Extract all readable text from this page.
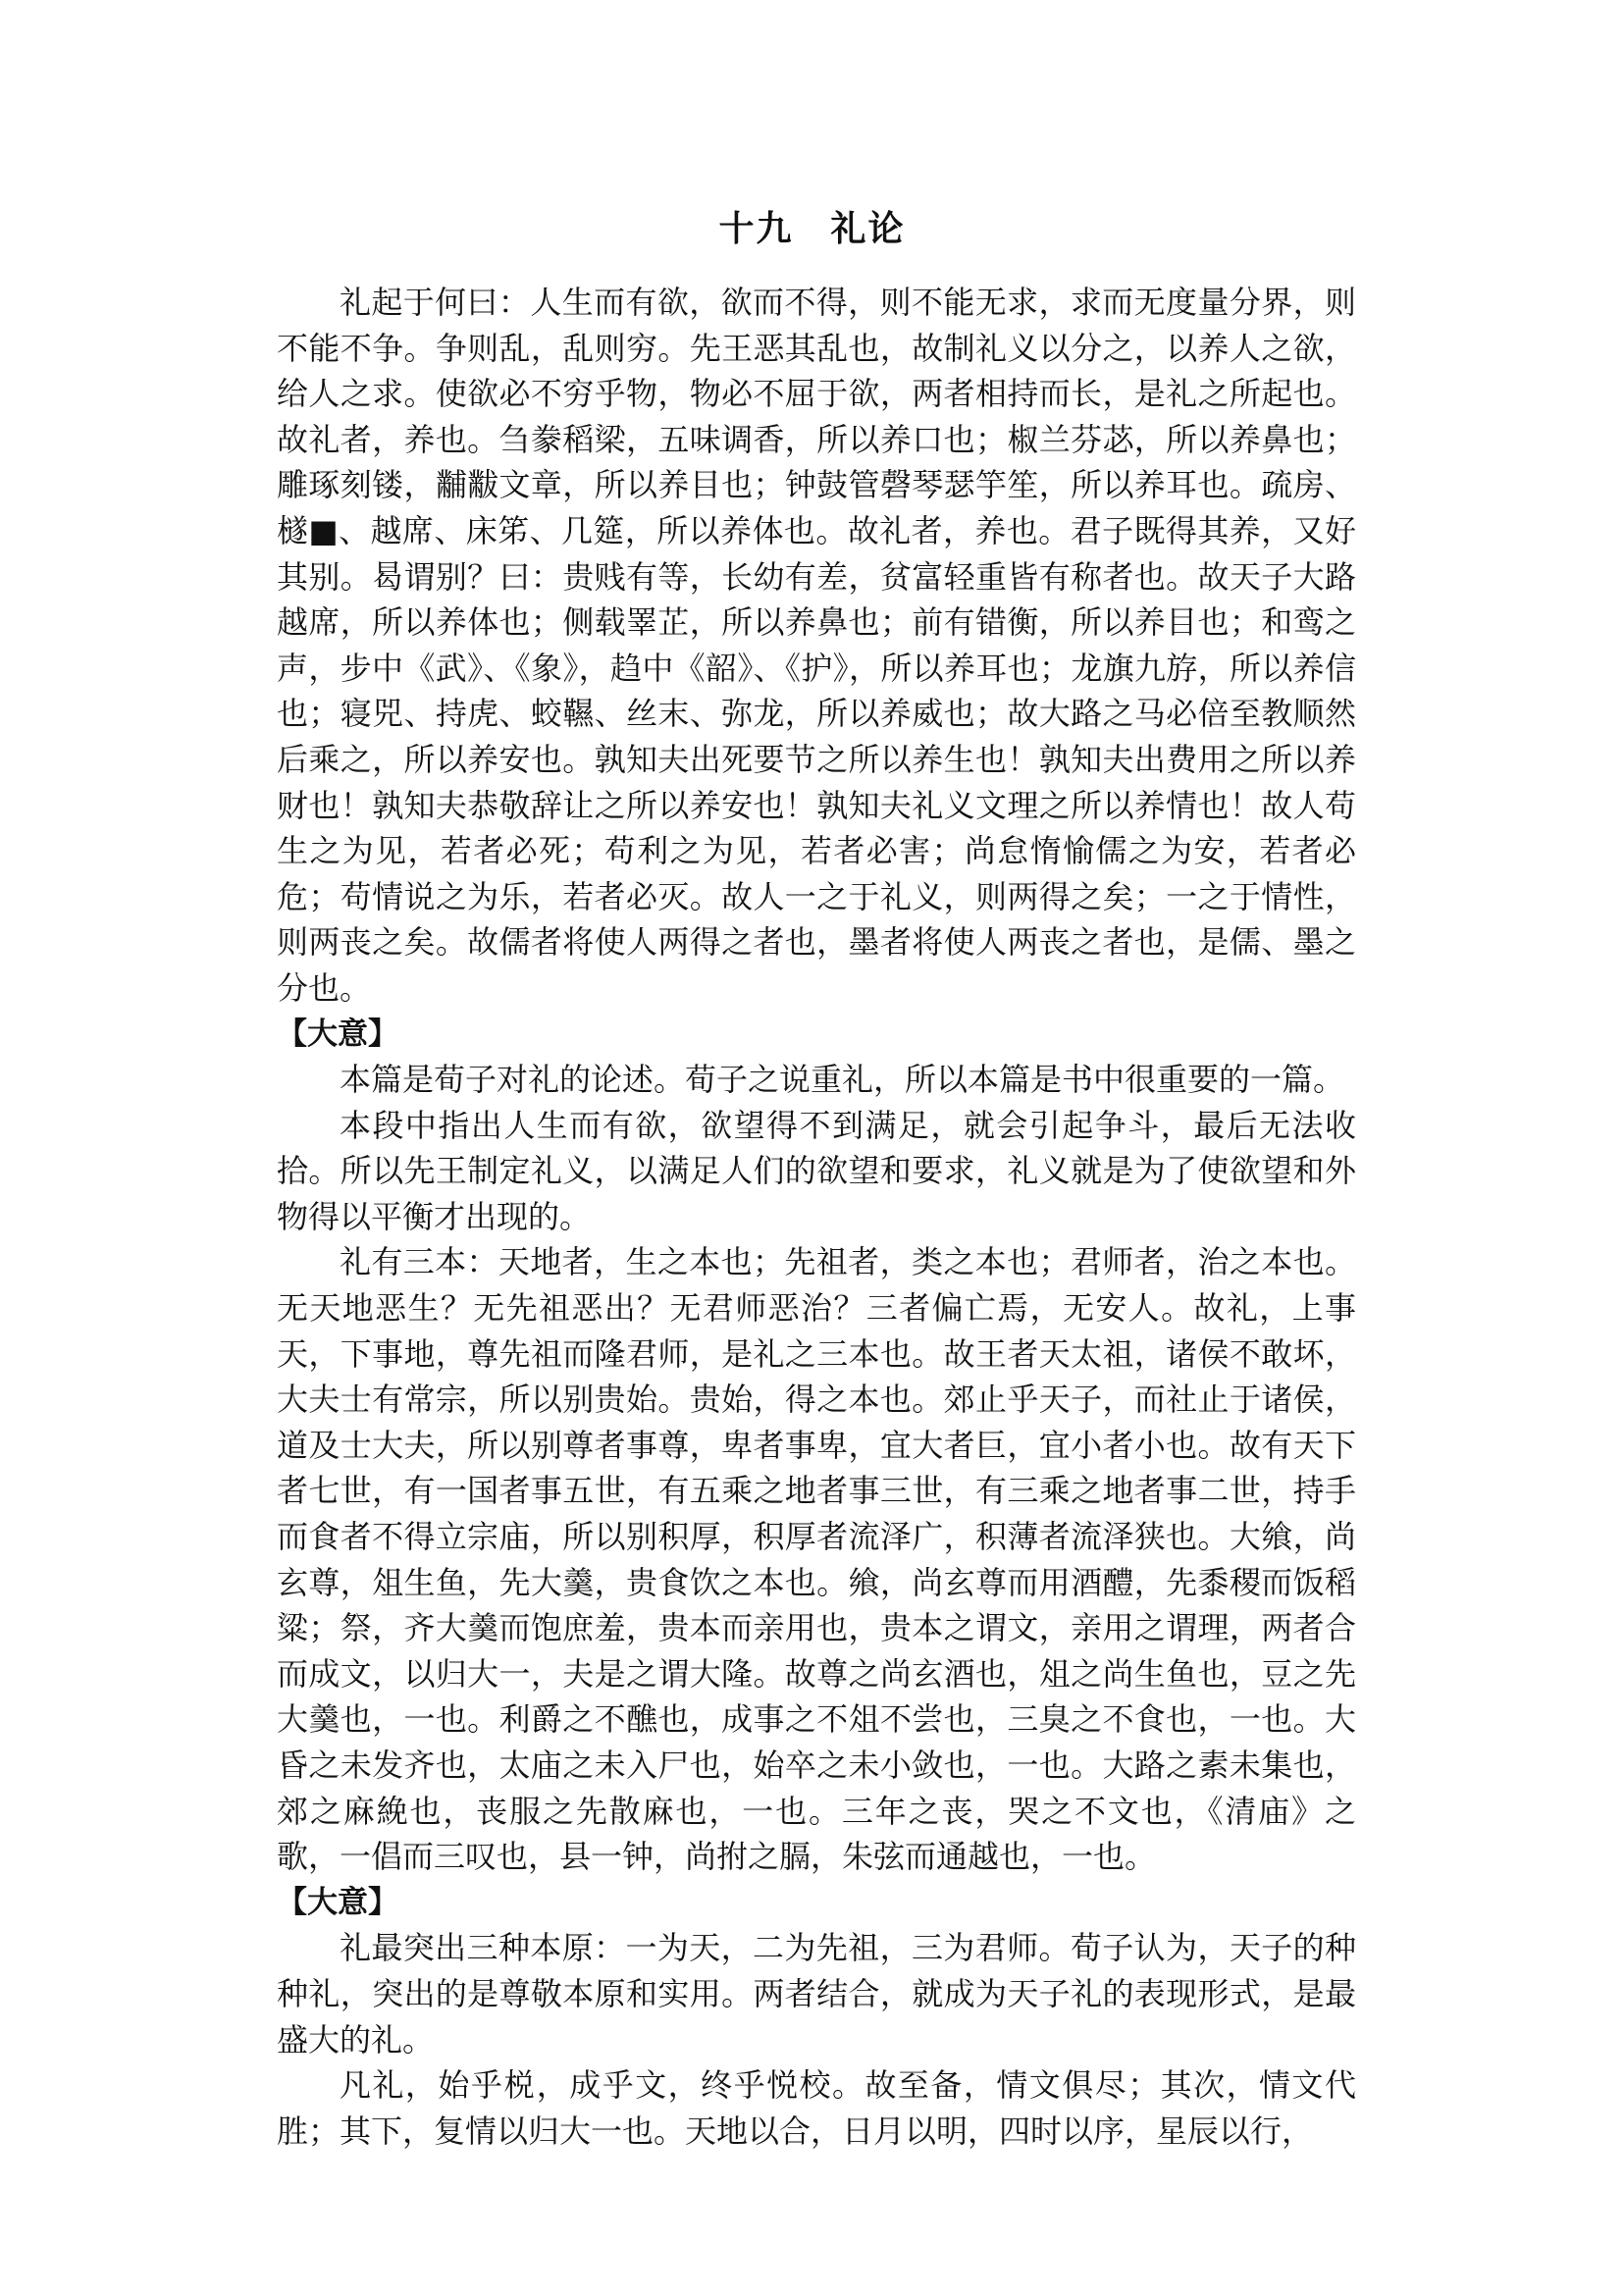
十九　礼论

礼起于何曰：人生而有欲，欲而不得，则不能无求，求而无度量分界，则不能不争。争则乱，乱则穷。先王恶其乱也，故制礼义以分之，以养人之欲，给人之求。使欲必不穷乎物，物必不屈于欲，两者相持而长，是礼之所起也。故礼者，养也。刍豢稻梁，五味调香，所以养口也；椒兰芬苾，所以养鼻也；雕琢刻镂，黼黻文章，所以养目也；钟鼓管磬琴瑟竽笙，所以养耳也。疏房、檖■、越席、床笫、几筵，所以养体也。故礼者，养也。君子既得其养，又好其别。曷谓别？曰：贵贱有等，长幼有差，贫富轻重皆有称者也。故天子大路越席，所以养体也；侧载睪芷，所以养鼻也；前有错衡，所以养目也；和鸾之声，步中《武》、《象》，趋中《韶》、《护》，所以养耳也；龙旗九斿，所以养信也；寝兕、持虎、蛟韅、丝末、弥龙，所以养威也；故大路之马必倍至教顺然后乘之，所以养安也。孰知夫出死要节之所以养生也！孰知夫出费用之所以养财也！孰知夫恭敬辞让之所以养安也！孰知夫礼义文理之所以养情也！故人苟生之为见，若者必死；苟利之为见，若者必害；尚怠惰愉儒之为安，若者必危；苟情说之为乐，若者必灭。故人一之于礼义，则两得之矣；一之于情性，则两丧之矣。故儒者将使人两得之者也，墨者将使人两丧之者也，是儒、墨之分也。

【大意】

本篇是荀子对礼的论述。荀子之说重礼，所以本篇是书中很重要的一篇。

本段中指出人生而有欲，欲望得不到满足，就会引起争斗，最后无法收拾。所以先王制定礼义，以满足人们的欲望和要求，礼义就是为了使欲望和外物得以平衡才出现的。

礼有三本：天地者，生之本也；先祖者，类之本也；君师者，治之本也。无天地恶生？无先祖恶出？无君师恶治？三者偏亡焉，无安人。故礼，上事天，下事地，尊先祖而隆君师，是礼之三本也。故王者天太祖，诸侯不敢坏，大夫士有常宗，所以别贵始。贵始，得之本也。郊止乎天子，而社止于诸侯，道及士大夫，所以别尊者事尊，卑者事卑，宜大者巨，宜小者小也。故有天下者七世，有一国者事五世，有五乘之地者事三世，有三乘之地者事二世，持手而食者不得立宗庙，所以别积厚，积厚者流泽广，积薄者流泽狭也。大飨，尚玄尊，俎生鱼，先大羹，贵食饮之本也。飨，尚玄尊而用酒醴，先黍稷而饭稻粱；祭，齐大羹而饱庶羞，贵本而亲用也，贵本之谓文，亲用之谓理，两者合而成文，以归大一，夫是之谓大隆。故尊之尚玄酒也，俎之尚生鱼也，豆之先大羹也，一也。利爵之不醮也，成事之不俎不尝也，三臭之不食也，一也。大昏之未发齐也，太庙之未入尸也，始卒之未小敛也，一也。大路之素未集也，郊之麻絻也，丧服之先散麻也，一也。三年之丧，哭之不文也，《清庙》之歌，一倡而三叹也，县一钟，尚拊之膈，朱弦而通越也，一也。

【大意】

礼最突出三种本原：一为天，二为先祖，三为君师。荀子认为，天子的种种礼，突出的是尊敬本原和实用。两者结合，就成为天子礼的表现形式，是最盛大的礼。

凡礼，始乎棁，成乎文，终乎悦校。故至备，情文俱尽；其次，情文代胜；其下，复情以归大一也。天地以合，日月以明，四时以序，星辰以行，
